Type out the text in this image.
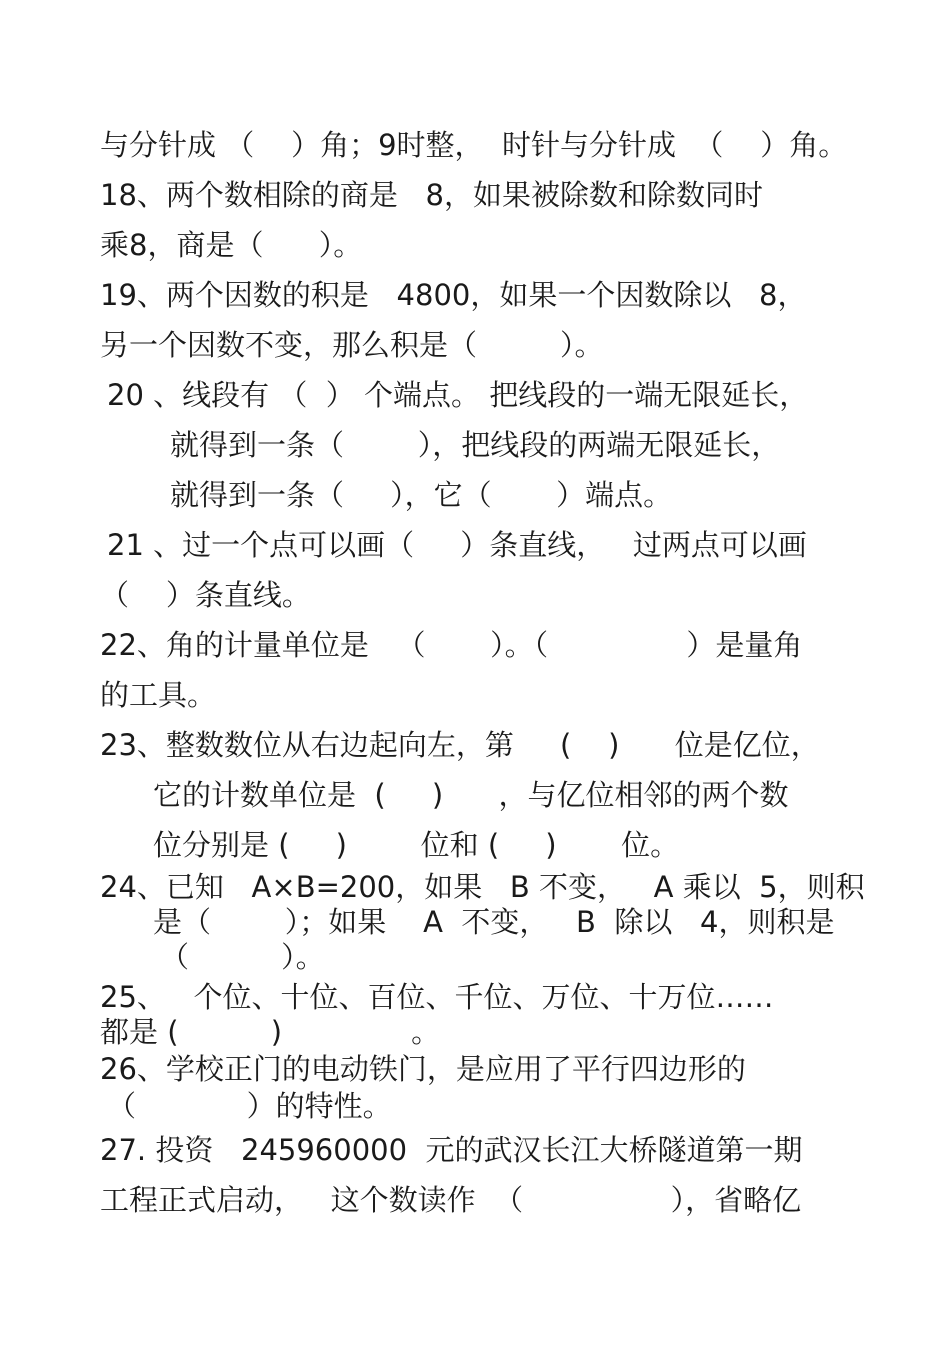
与分针成 （    ）角；9时整，  时针与分针成  （    ）角。
18、两个数相除的商是   8，如果被除数和除数同时
乘8，商是（      ）。
19、两个因数的积是   4800，如果一个因数除以   8，
另一个因数不变，那么积是（         ）。
20 、线段有 （  ） 个端点。 把线段的一端无限延长，
就得到一条（        ），把线段的两端无限延长，
就得到一条（     ），它（       ）端点。
21 、过一个点可以画（     ）条直线，   过两点可以画
（    ）条直线。
22、角的计量单位是   （       ）。（               ）是量角
的工具。
23、整数数位从右边起向左，第     (    )      位是亿位，
它的计数单位是  (     )      ，与亿位相邻的两个数
位分别是 (     )        位和 (     )       位。
24、已知   A×B=200，如果   B 不变，   A 乘以  5，则积
是（        ）；如果    A  不变，   B  除以   4，则积是
（          ）。
25、   个位、十位、百位、千位、万位、十万位……
都是 (          )              。
26、学校正门的电动铁门，是应用了平行四边形的
（            ）的特性。
27. 投资   245960000  元的武汉长江大桥隧道第一期
工程正式启动，   这个数读作  （                ），省略亿
